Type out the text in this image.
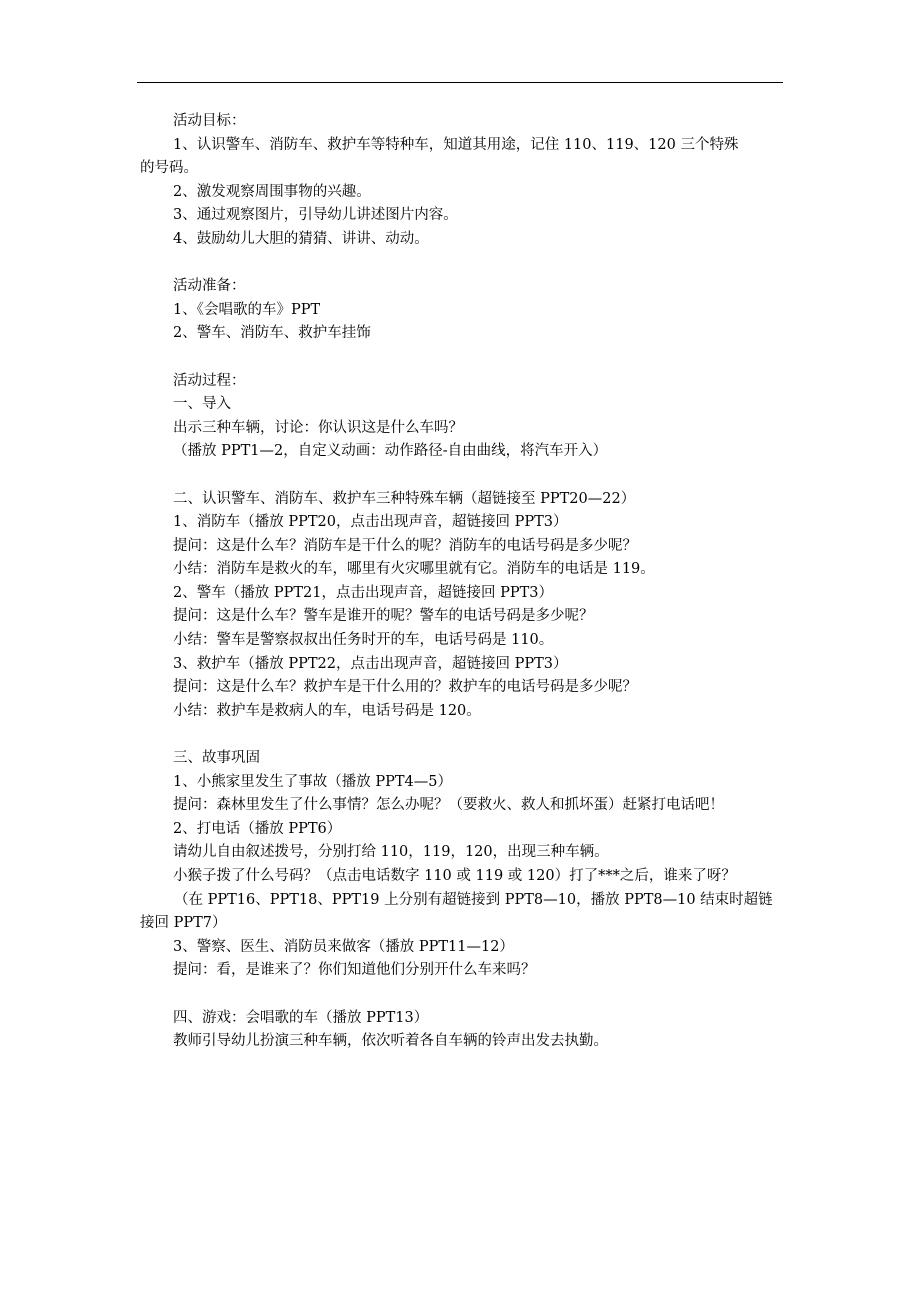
活动目标：
1、认识警车、消防车、救护车等特种车，知道其用途，记住 110、119、120 三个特殊
的号码。
2、激发观察周围事物的兴趣。
3、通过观察图片，引导幼儿讲述图片内容。
4、鼓励幼儿大胆的猜猜、讲讲、动动。
活动准备：
1、《会唱歌的车》PPT
2、警车、消防车、救护车挂饰
活动过程：
一、导入
出示三种车辆，讨论：你认识这是什么车吗？
（播放 PPT1—2，自定义动画：动作路径-自由曲线，将汽车开入）
二、认识警车、消防车、救护车三种特殊车辆（超链接至 PPT20—22）
1、消防车（播放 PPT20，点击出现声音，超链接回 PPT3）
提问：这是什么车？消防车是干什么的呢？消防车的电话号码是多少呢？
小结：消防车是救火的车，哪里有火灾哪里就有它。消防车的电话是 119。
2、警车（播放 PPT21，点击出现声音，超链接回 PPT3）
提问：这是什么车？警车是谁开的呢？警车的电话号码是多少呢？
小结：警车是警察叔叔出任务时开的车，电话号码是 110。
3、救护车（播放 PPT22，点击出现声音，超链接回 PPT3）
提问：这是什么车？救护车是干什么用的？救护车的电话号码是多少呢？
小结：救护车是救病人的车，电话号码是 120。
三、故事巩固
1、小熊家里发生了事故（播放 PPT4—5）
提问：森林里发生了什么事情？怎么办呢？（要救火、救人和抓坏蛋）赶紧打电话吧！
2、打电话（播放 PPT6）
请幼儿自由叙述拨号，分别打给 110，119，120，出现三种车辆。
小猴子拨了什么号码？（点击电话数字 110 或 119 或 120）打了***之后，谁来了呀？
（在 PPT16、PPT18、PPT19 上分别有超链接到 PPT8—10，播放 PPT8—10 结束时超链
接回 PPT7）
3、警察、医生、消防员来做客（播放 PPT11—12）
提问：看，是谁来了？你们知道他们分别开什么车来吗？
四、游戏：会唱歌的车（播放 PPT13）
教师引导幼儿扮演三种车辆，依次听着各自车辆的铃声出发去执勤。
